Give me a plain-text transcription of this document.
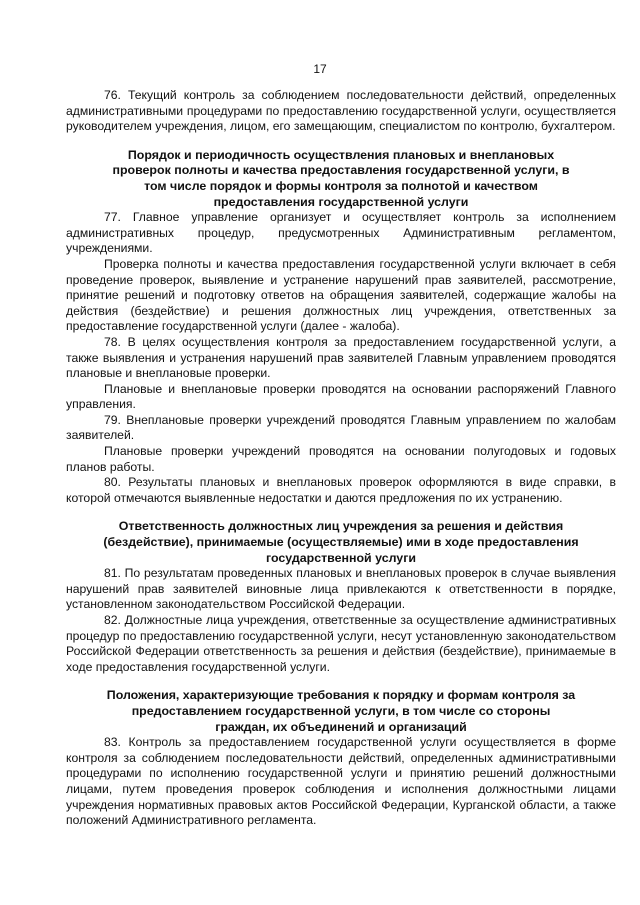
17

76. Текущий контроль за соблюдением последовательности действий, определенных административными процедурами по предоставлению государственной услуги, осуществляется руководителем учреждения, лицом, его замещающим, специалистом по контролю, бухгалтером.

Порядок и периодичность осуществления плановых и внеплановых проверок полноты и качества предоставления государственной услуги, в том числе порядок и формы контроля за полнотой и качеством предоставления государственной услуги

77. Главное управление организует и осуществляет контроль за исполнением административных процедур, предусмотренных Административным регламентом, учреждениями.

Проверка полноты и качества предоставления государственной услуги включает в себя проведение проверок, выявление и устранение нарушений прав заявителей, рассмотрение, принятие решений и подготовку ответов на обращения заявителей, содержащие жалобы на действия (бездействие) и решения должностных лиц учреждения, ответственных за предоставление государственной услуги (далее - жалоба).

78. В целях осуществления контроля за предоставлением государственной услуги, а также выявления и устранения нарушений прав заявителей Главным управлением проводятся плановые и внеплановые проверки.

Плановые и внеплановые проверки проводятся на основании распоряжений Главного управления.

79. Внеплановые проверки учреждений проводятся Главным управлением по жалобам заявителей.

Плановые проверки учреждений проводятся на основании полугодовых и годовых планов работы.

80. Результаты плановых и внеплановых проверок оформляются в виде справки, в которой отмечаются выявленные недостатки и даются предложения по их устранению.

Ответственность должностных лиц учреждения за решения и действия (бездействие), принимаемые (осуществляемые) ими в ходе предоставления государственной услуги

81. По результатам проведенных плановых и внеплановых проверок в случае выявления нарушений прав заявителей виновные лица привлекаются к ответственности в порядке, установленном законодательством Российской Федерации.

82. Должностные лица учреждения, ответственные за осуществление административных процедур по предоставлению государственной услуги, несут установленную законодательством Российской Федерации ответственность за решения и действия (бездействие), принимаемые в ходе предоставления государственной услуги.

Положения, характеризующие требования к порядку и формам контроля за предоставлением государственной услуги, в том числе со стороны граждан, их объединений и организаций

83. Контроль за предоставлением государственной услуги осуществляется в форме контроля за соблюдением последовательности действий, определенных административными процедурами по исполнению государственной услуги и принятию решений должностными лицами, путем проведения проверок соблюдения и исполнения должностными лицами учреждения нормативных правовых актов Российской Федерации, Курганской области, а также положений Административного регламента.
